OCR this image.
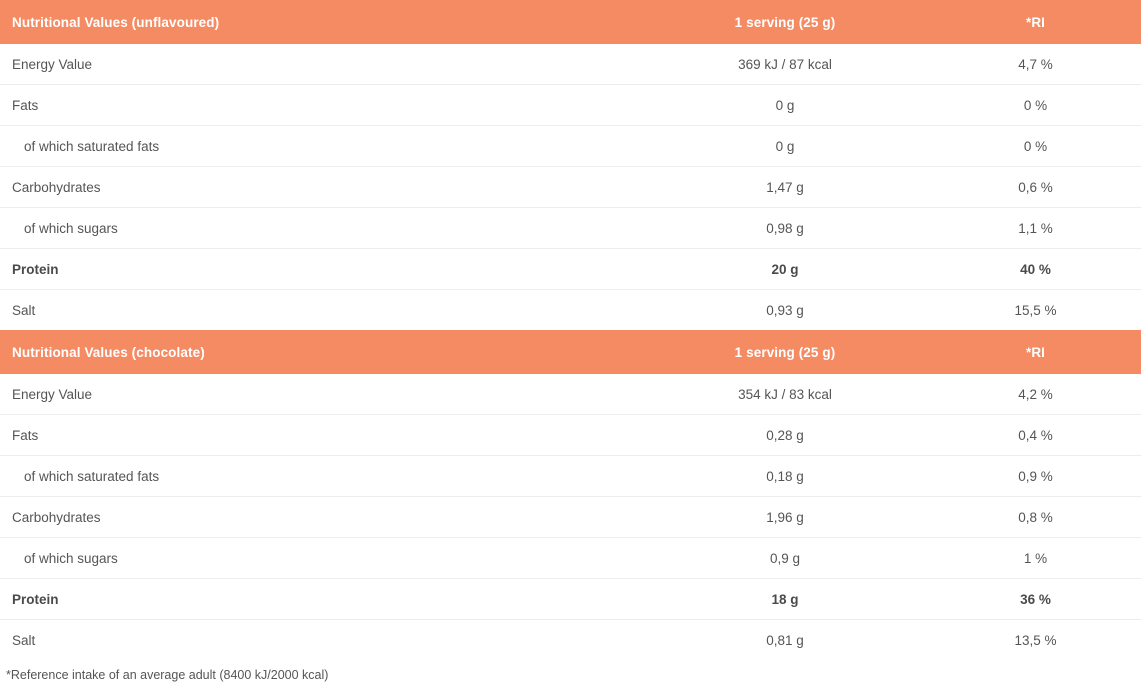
Nutritional Values (unflavoured)	1 serving (25 g)	*RI
Energy Value	369 kJ / 87 kcal	4,7 %
Fats	0 g	0 %
of which saturated fats	0 g	0 %
Carbohydrates	1,47 g	0,6 %
of which sugars	0,98 g	1,1 %
Protein	20 g	40 %
Salt	0,93 g	15,5 %
Nutritional Values (chocolate)	1 serving (25 g)	*RI
Energy Value	354 kJ / 83 kcal	4,2 %
Fats	0,28 g	0,4 %
of which saturated fats	0,18 g	0,9 %
Carbohydrates	1,96 g	0,8 %
of which sugars	0,9 g	1 %
Protein	18 g	36 %
Salt	0,81 g	13,5 %
*Reference intake of an average adult (8400 kJ/2000 kcal)
